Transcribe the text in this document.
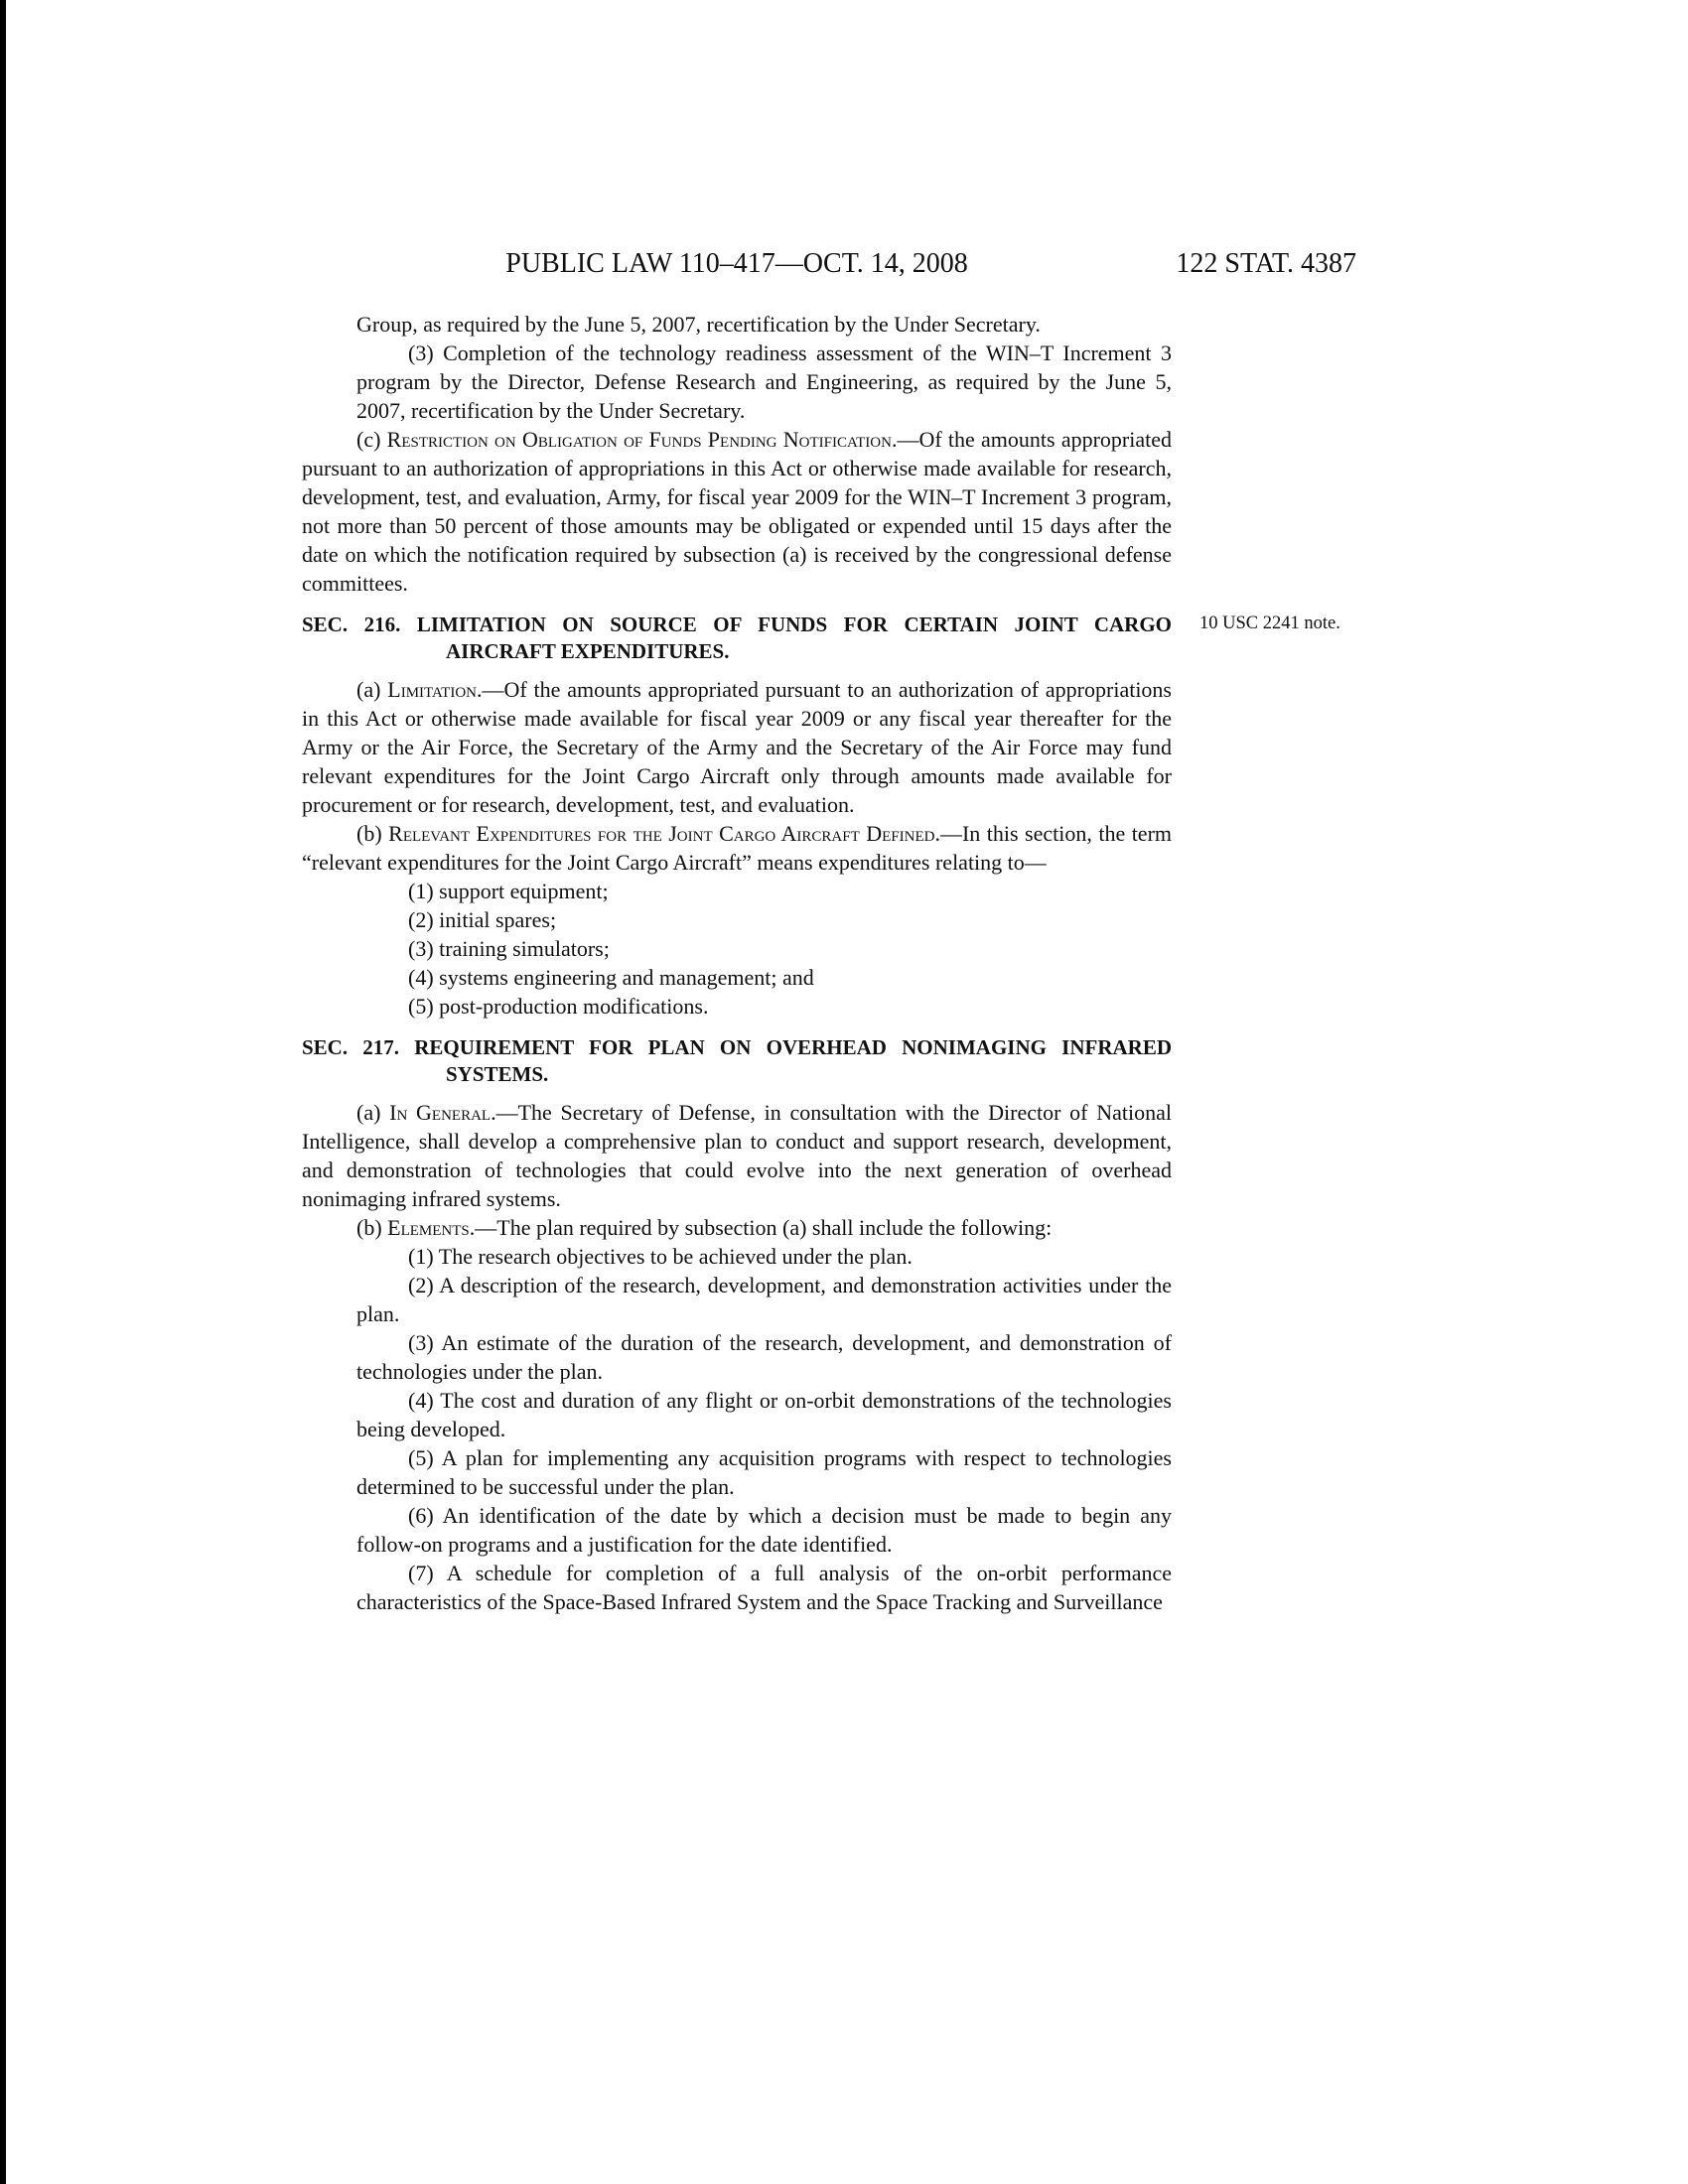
PUBLIC LAW 110–417—OCT. 14, 2008	122 STAT. 4387

Group, as required by the June 5, 2007, recertification by the Under Secretary.

(3) Completion of the technology readiness assessment of the WIN–T Increment 3 program by the Director, Defense Research and Engineering, as required by the June 5, 2007, recertification by the Under Secretary.

(c) Restriction on Obligation of Funds Pending Notification.—Of the amounts appropriated pursuant to an authorization of appropriations in this Act or otherwise made available for research, development, test, and evaluation, Army, for fiscal year 2009 for the WIN–T Increment 3 program, not more than 50 percent of those amounts may be obligated or expended until 15 days after the date on which the notification required by subsection (a) is received by the congressional defense committees.

SEC. 216. LIMITATION ON SOURCE OF FUNDS FOR CERTAIN JOINT CARGO AIRCRAFT EXPENDITURES.

(a) Limitation.—Of the amounts appropriated pursuant to an authorization of appropriations in this Act or otherwise made available for fiscal year 2009 or any fiscal year thereafter for the Army or the Air Force, the Secretary of the Army and the Secretary of the Air Force may fund relevant expenditures for the Joint Cargo Aircraft only through amounts made available for procurement or for research, development, test, and evaluation.

(b) Relevant Expenditures for the Joint Cargo Aircraft Defined.—In this section, the term “relevant expenditures for the Joint Cargo Aircraft” means expenditures relating to—

(1) support equipment;

(2) initial spares;

(3) training simulators;

(4) systems engineering and management; and

(5) post-production modifications.

SEC. 217. REQUIREMENT FOR PLAN ON OVERHEAD NONIMAGING INFRARED SYSTEMS.

(a) In General.—The Secretary of Defense, in consultation with the Director of National Intelligence, shall develop a comprehensive plan to conduct and support research, development, and demonstration of technologies that could evolve into the next generation of overhead nonimaging infrared systems.

(b) Elements.—The plan required by subsection (a) shall include the following:

(1) The research objectives to be achieved under the plan.

(2) A description of the research, development, and demonstration activities under the plan.

(3) An estimate of the duration of the research, development, and demonstration of technologies under the plan.

(4) The cost and duration of any flight or on-orbit demonstrations of the technologies being developed.

(5) A plan for implementing any acquisition programs with respect to technologies determined to be successful under the plan.

(6) An identification of the date by which a decision must be made to begin any follow-on programs and a justification for the date identified.

(7) A schedule for completion of a full analysis of the on-orbit performance characteristics of the Space-Based Infrared System and the Space Tracking and Surveillance

10 USC 2241 note.
